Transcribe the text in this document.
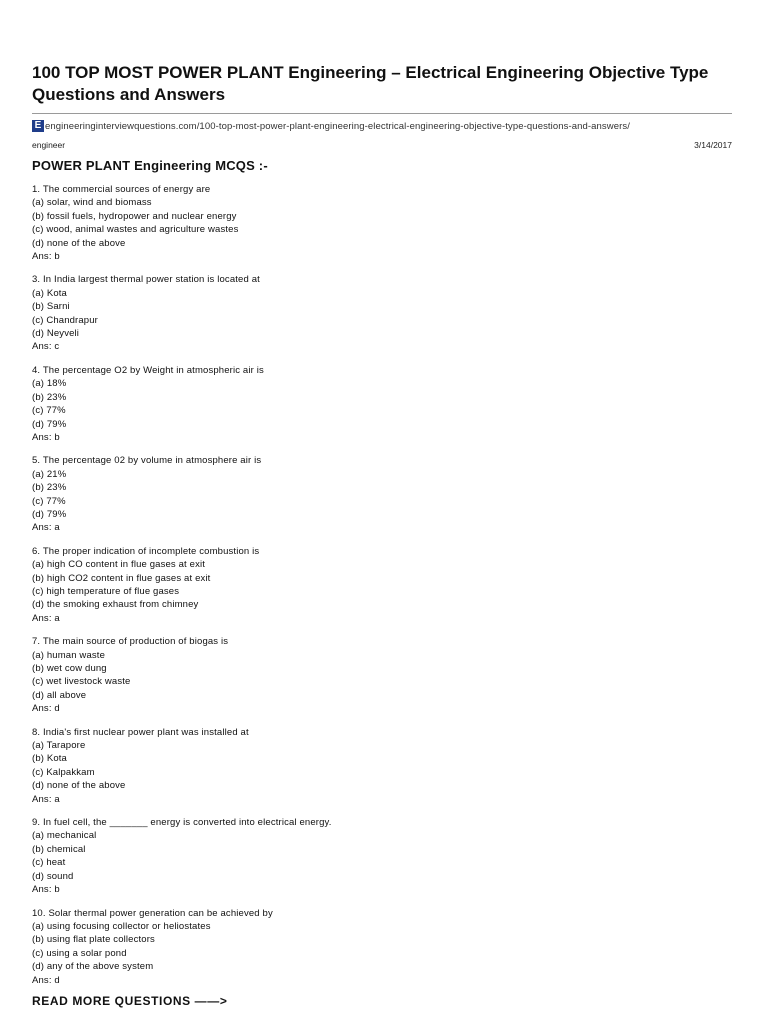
100 TOP MOST POWER PLANT Engineering – Electrical Engineering Objective Type Questions and Answers
E engineeringinterviewquestions.com/100-top-most-power-plant-engineering-electrical-engineering-objective-type-questions-and-answers/
engineer	3/14/2017
POWER PLANT Engineering MCQS :-
1. The commercial sources of energy are
(a) solar, wind and biomass
(b) fossil fuels, hydropower and nuclear energy
(c) wood, animal wastes and agriculture wastes
(d) none of the above
Ans: b
3. In India largest thermal power station is located at
(a) Kota
(b) Sarni
(c) Chandrapur
(d) Neyveli
Ans: c
4. The percentage O2 by Weight in atmospheric air is
(a) 18%
(b) 23%
(c) 77%
(d) 79%
Ans: b
5. The percentage 02 by volume in atmosphere air is
(a) 21%
(b) 23%
(c) 77%
(d) 79%
Ans: a
6. The proper indication of incomplete combustion is
(a) high CO content in flue gases at exit
(b) high CO2 content in flue gases at exit
(c) high temperature of flue gases
(d) the smoking exhaust from chimney
Ans: a
7. The main source of production of biogas is
(a) human waste
(b) wet cow dung
(c) wet livestock waste
(d) all above
Ans: d
8. India's first nuclear power plant was installed at
(a) Tarapore
(b) Kota
(c) Kalpakkam
(d) none of the above
Ans: a
9. In fuel cell, the _______ energy is converted into electrical energy.
(a) mechanical
(b) chemical
(c) heat
(d) sound
Ans: b
10. Solar thermal power generation can be achieved by
(a) using focusing collector or heliostates
(b) using flat plate collectors
(c) using a solar pond
(d) any of the above system
Ans: d
READ MORE QUESTIONS ——>
